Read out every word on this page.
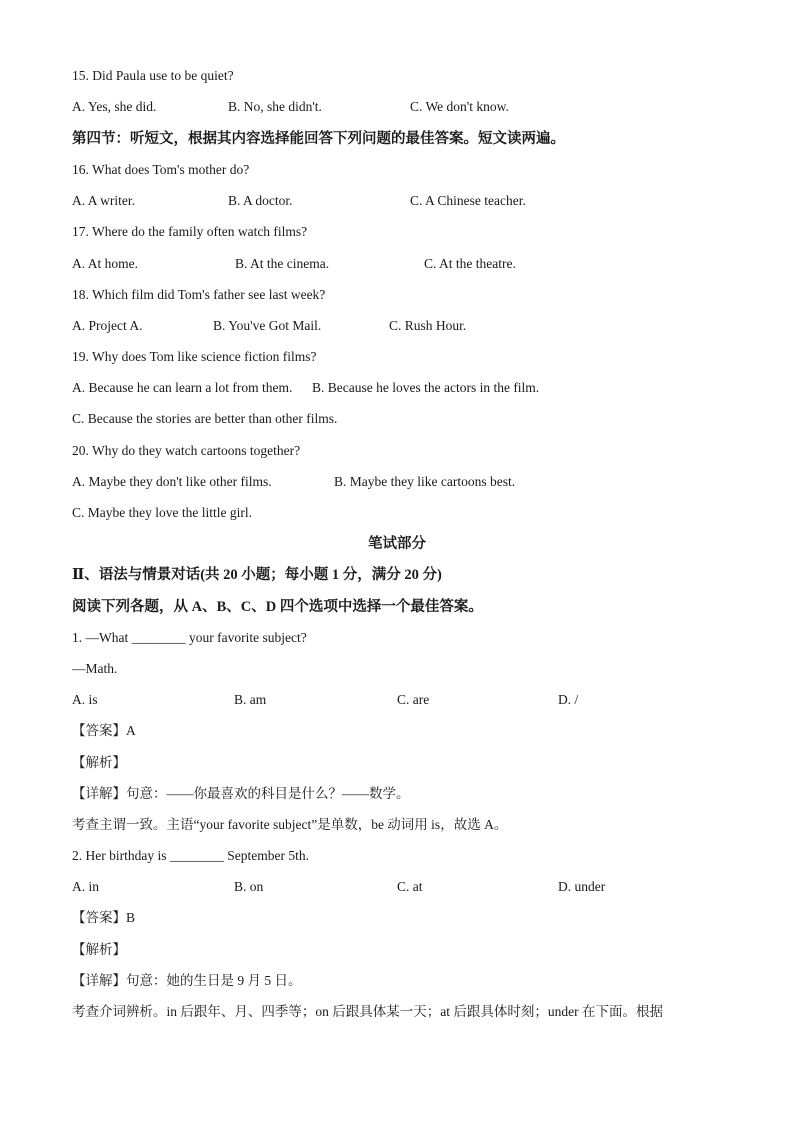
15. Did Paula use to be quiet?
A. Yes, she did.	B. No, she didn't.	C. We don't know.
第四节：听短文，根据其内容选择能回答下列问题的最佳答案。短文读两遍。
16. What does Tom's mother do?
A. A writer.	B. A doctor.	C. A Chinese teacher.
17. Where do the family often watch films?
A. At home.	B. At the cinema.	C. At the theatre.
18. Which film did Tom's father see last week?
A. Project A.	B. You've Got Mail.	C. Rush Hour.
19. Why does Tom like science fiction films?
A. Because he can learn a lot from them. B. Because he loves the actors in the film.
C. Because the stories are better than other films.
20. Why do they watch cartoons together?
A. Maybe they don't like other films.	B. Maybe they like cartoons best.
C. Maybe they love the little girl.
笔试部分
Ⅱ、语法与情景对话(共 20 小题；每小题 1 分，满分 20 分)
阅读下列各题，从 A、B、C、D 四个选项中选择一个最佳答案。
1. —What ________ your favorite subject?
—Math.
A. is	B. am	C. are	D. /
【答案】A
【解析】
【详解】句意：——你最喜欢的科目是什么？——数学。
考查主谓一致。主语“your favorite subject”是单数，be 动词用 is，故选 A。
2. Her birthday is ________ September 5th.
A. in	B. on	C. at	D. under
【答案】B
【解析】
【详解】句意：她的生日是 9 月 5 日。
考查介词辨析。in 后跟年、月、四季等；on 后跟具体某一天；at 后跟具体时刻；under 在下面。根据
